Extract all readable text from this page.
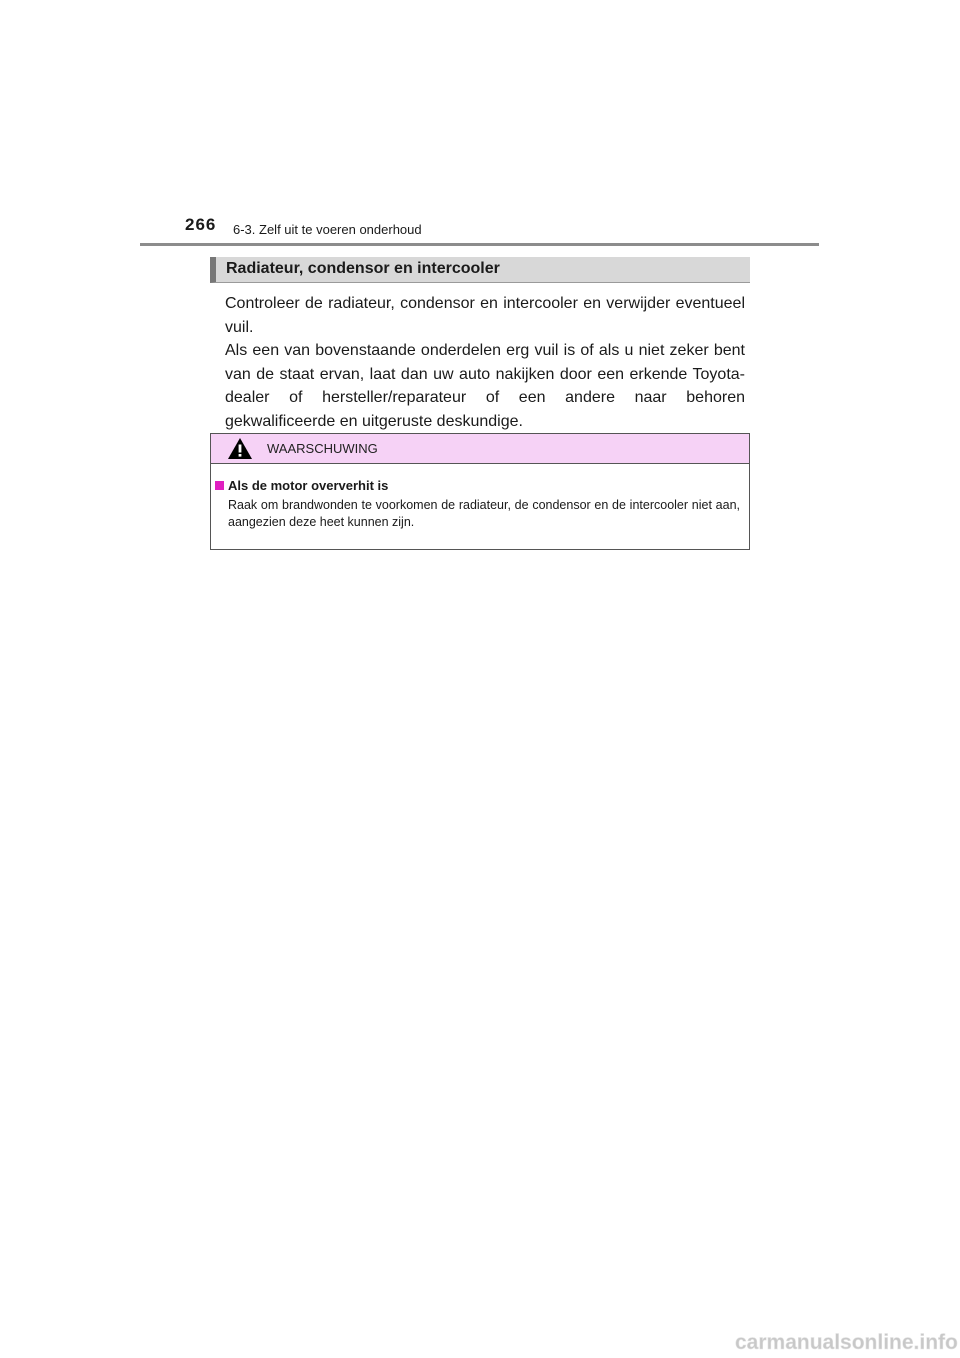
266 6-3. Zelf uit te voeren onderhoud
Radiateur, condensor en intercooler

Controleer de radiateur, condensor en intercooler en verwijder eventueel vuil.

Als een van bovenstaande onderdelen erg vuil is of als u niet zeker bent van de staat ervan, laat dan uw auto nakijken door een erkende Toyota-dealer of hersteller/reparateur of een andere naar behoren gekwalificeerde en uitgeruste deskundige.

WAARSCHUWING
Als de motor oververhit is
Raak om brandwonden te voorkomen de radiateur, de condensor en de intercooler niet aan, aangezien deze heet kunnen zijn.
carmanualsonline.info
